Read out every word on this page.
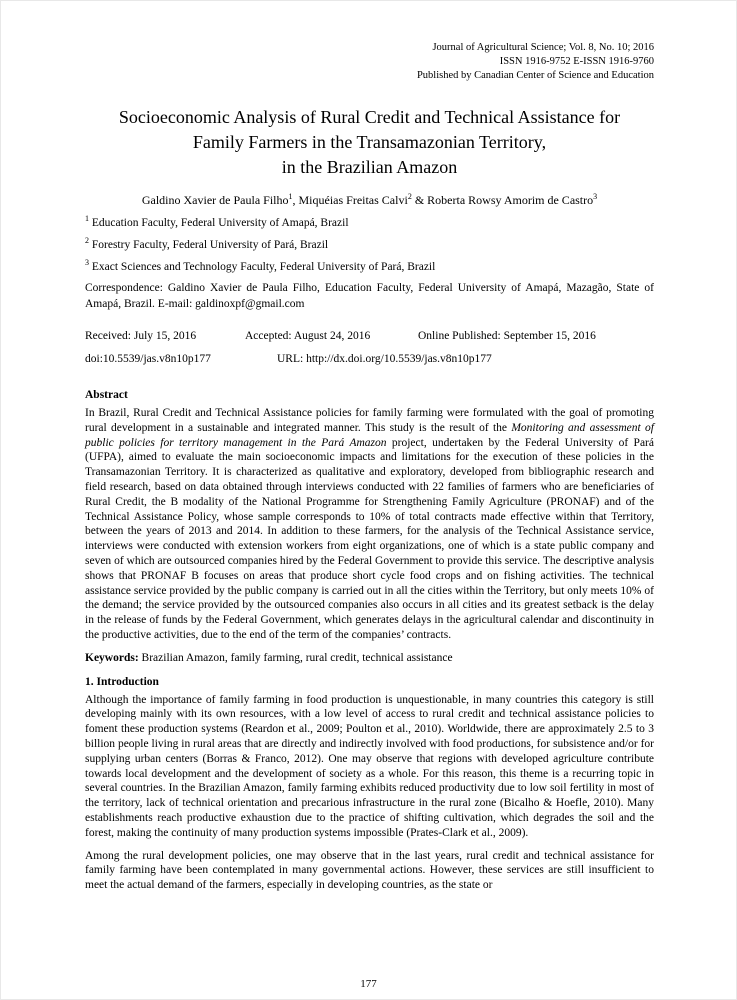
Journal of Agricultural Science; Vol. 8, No. 10; 2016
ISSN 1916-9752 E-ISSN 1916-9760
Published by Canadian Center of Science and Education
Socioeconomic Analysis of Rural Credit and Technical Assistance for
Family Farmers in the Transamazonian Territory,
in the Brazilian Amazon
Galdino Xavier de Paula Filho$^1$, Miquéias Freitas Calvi$^2$ & Roberta Rowsy Amorim de Castro$^3$

$^1$ Education Faculty, Federal University of Amapá, Brazil

$^2$ Forestry Faculty, Federal University of Pará, Brazil

$^3$ Exact Sciences and Technology Faculty, Federal University of Pará, Brazil

Correspondence: Galdino Xavier de Paula Filho, Education Faculty, Federal University of Amapá, Mazagão, State of Amapá, Brazil. E-mail: galdinoxpf@gmail.com

Received: July 15, 2016	Accepted: August 24, 2016	Online Published: September 15, 2016
doi:10.5539/jas.v8n10p177	URL: http://dx.doi.org/10.5539/jas.v8n10p177
Abstract

In Brazil, Rural Credit and Technical Assistance policies for family farming were formulated with the goal of promoting rural development in a sustainable and integrated manner. This study is the result of the Monitoring and assessment of public policies for territory management in the Pará Amazon project, undertaken by the Federal University of Pará (UFPA), aimed to evaluate the main socioeconomic impacts and limitations for the execution of these policies in the Transamazonian Territory. It is characterized as qualitative and exploratory, developed from bibliographic research and field research, based on data obtained through interviews conducted with 22 families of farmers who are beneficiaries of Rural Credit, the B modality of the National Programme for Strengthening Family Agriculture (PRONAF) and of the Technical Assistance Policy, whose sample corresponds to 10% of total contracts made effective within that Territory, between the years of 2013 and 2014. In addition to these farmers, for the analysis of the Technical Assistance service, interviews were conducted with extension workers from eight organizations, one of which is a state public company and seven of which are outsourced companies hired by the Federal Government to provide this service. The descriptive analysis shows that PRONAF B focuses on areas that produce short cycle food crops and on fishing activities. The technical assistance service provided by the public company is carried out in all the cities within the Territory, but only meets 10% of the demand; the service provided by the outsourced companies also occurs in all cities and its greatest setback is the delay in the release of funds by the Federal Government, which generates delays in the agricultural calendar and discontinuity in the productive activities, due to the end of the term of the companies’ contracts.

Keywords: Brazilian Amazon, family farming, rural credit, technical assistance

1. Introduction

Although the importance of family farming in food production is unquestionable, in many countries this category is still developing mainly with its own resources, with a low level of access to rural credit and technical assistance policies to foment these production systems (Reardon et al., 2009; Poulton et al., 2010). Worldwide, there are approximately 2.5 to 3 billion people living in rural areas that are directly and indirectly involved with food productions, for subsistence and/or for supplying urban centers (Borras & Franco, 2012). One may observe that regions with developed agriculture contribute towards local development and the development of society as a whole. For this reason, this theme is a recurring topic in several countries. In the Brazilian Amazon, family farming exhibits reduced productivity due to low soil fertility in most of the territory, lack of technical orientation and precarious infrastructure in the rural zone (Bicalho & Hoefle, 2010). Many establishments reach productive exhaustion due to the practice of shifting cultivation, which degrades the soil and the forest, making the continuity of many production systems impossible (Prates-Clark et al., 2009).

Among the rural development policies, one may observe that in the last years, rural credit and technical assistance for family farming have been contemplated in many governmental actions. However, these services are still insufficient to meet the actual demand of the farmers, especially in developing countries, as the state or

177
